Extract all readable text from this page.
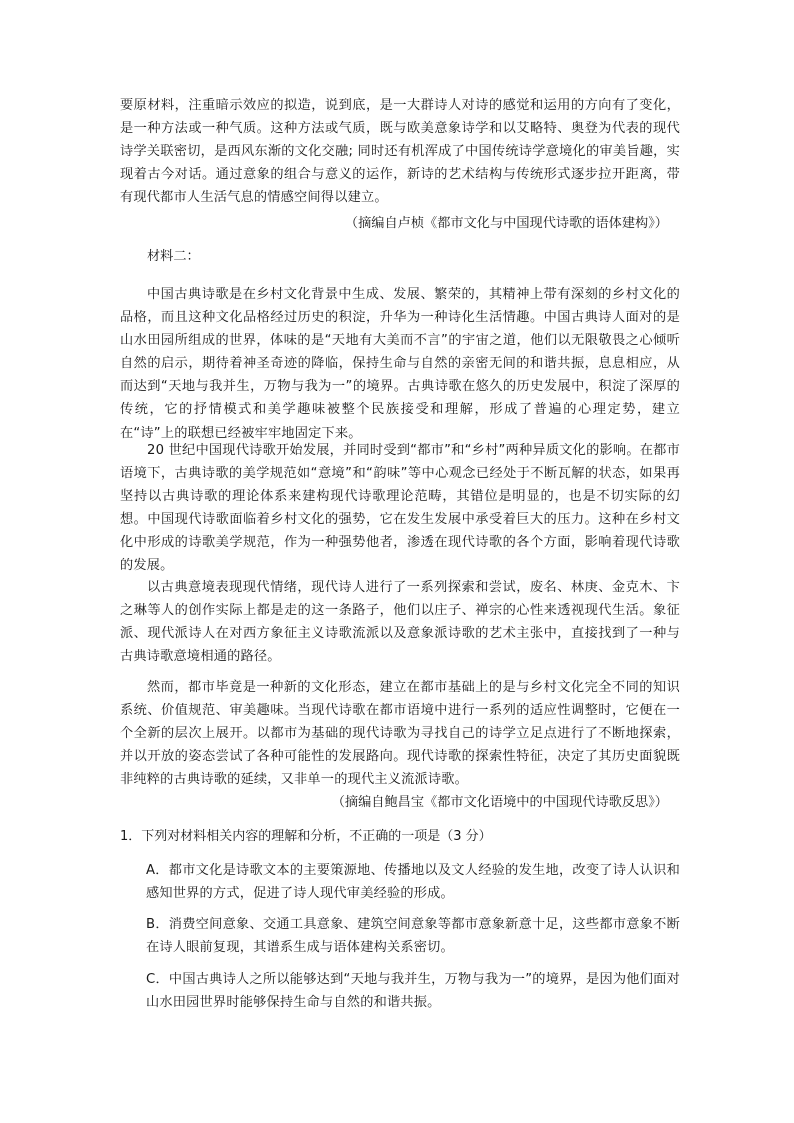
要原材料，注重暗示效应的拟造，说到底，是一大群诗人对诗的感觉和运用的方向有了变化，是一种方法或一种气质。这种方法或气质，既与欧美意象诗学和以艾略特、奥登为代表的现代诗学关联密切，是西风东渐的文化交融; 同时还有机浑成了中国传统诗学意境化的审美旨趣，实现着古今对话。通过意象的组合与意义的运作，新诗的艺术结构与传统形式逐步拉开距离，带有现代都市人生活气息的情感空间得以建立。

（摘编自卢桢《都市文化与中国现代诗歌的语体建构》）

材料二：

中国古典诗歌是在乡村文化背景中生成、发展、繁荣的，其精神上带有深刻的乡村文化的品格，而且这种文化品格经过历史的积淀，升华为一种诗化生活情趣。中国古典诗人面对的是山水田园所组成的世界，体味的是“天地有大美而不言”的宇宙之道，他们以无限敬畏之心倾听自然的启示，期待着神圣奇迹的降临，保持生命与自然的亲密无间的和谐共振，息息相应，从而达到“天地与我并生，万物与我为一”的境界。古典诗歌在悠久的历史发展中，积淀了深厚的传统，它的抒情模式和美学趣味被整个民族接受和理解，形成了普遍的心理定势，建立在“诗”上的联想已经被牢牢地固定下来。

20 世纪中国现代诗歌开始发展，并同时受到“都市”和“乡村”两种异质文化的影响。在都市语境下，古典诗歌的美学规范如“意境”和“韵味”等中心观念已经处于不断瓦解的状态，如果再坚持以古典诗歌的理论体系来建构现代诗歌理论范畴，其错位是明显的，也是不切实际的幻想。中国现代诗歌面临着乡村文化的强势，它在发生发展中承受着巨大的压力。这种在乡村文化中形成的诗歌美学规范，作为一种强势他者，渗透在现代诗歌的各个方面，影响着现代诗歌的发展。

以古典意境表现现代情绪，现代诗人进行了一系列探索和尝试，废名、林庚、金克木、卞之琳等人的创作实际上都是走的这一条路子，他们以庄子、禅宗的心性来透视现代生活。象征派、现代派诗人在对西方象征主义诗歌流派以及意象派诗歌的艺术主张中，直接找到了一种与古典诗歌意境相通的路径。

然而，都市毕竟是一种新的文化形态，建立在都市基础上的是与乡村文化完全不同的知识系统、价值规范、审美趣味。当现代诗歌在都市语境中进行一系列的适应性调整时，它便在一个全新的层次上展开。以都市为基础的现代诗歌为寻找自己的诗学立足点进行了不断地探索，并以开放的姿态尝试了各种可能性的发展路向。现代诗歌的探索性特征，决定了其历史面貌既非纯粹的古典诗歌的延续，又非单一的现代主义流派诗歌。

（摘编自鲍昌宝《都市文化语境中的中国现代诗歌反思》）

1．下列对材料相关内容的理解和分析，不正确的一项是（3 分）

A．都市文化是诗歌文本的主要策源地、传播地以及文人经验的发生地，改变了诗人认识和感知世界的方式，促进了诗人现代审美经验的形成。

B．消费空间意象、交通工具意象、建筑空间意象等都市意象新意十足，这些都市意象不断在诗人眼前复现，其谱系生成与语体建构关系密切。

C．中国古典诗人之所以能够达到“天地与我并生，万物与我为一”的境界，是因为他们面对山水田园世界时能够保持生命与自然的和谐共振。
